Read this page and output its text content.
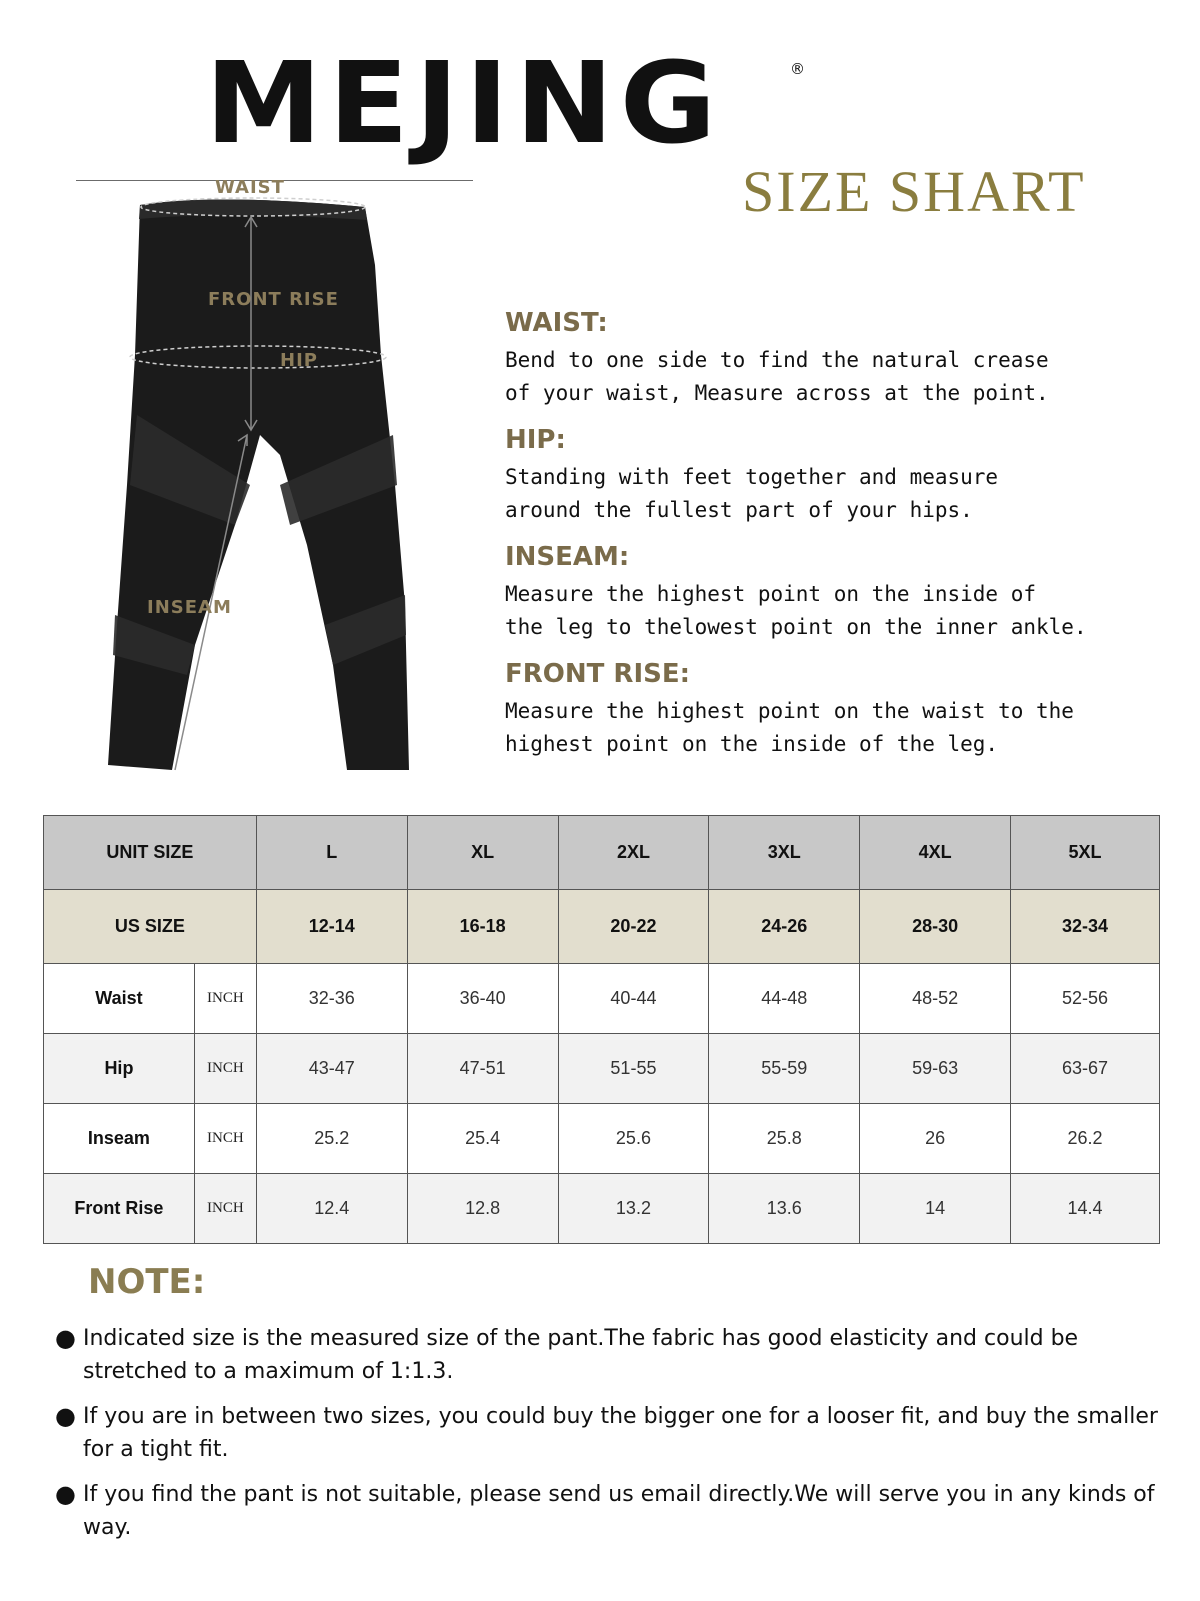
MEJING	®
SIZE SHART
WAIST
FRONT RISE
HIP
INSEAM
WAIST:

Bend to one side to find the natural crease
of your waist, Measure across at the point.

HIP:

Standing with feet together and measure
around the fullest part of your hips.

INSEAM:

Measure the highest point on the inside of
the leg to thelowest point on the inner ankle.

FRONT RISE:

Measure the highest point on the waist to the
highest point on the inside of the leg.

UNIT SIZE		L	XL	2XL	3XL	4XL	5XL
US SIZE		12-14	16-18	20-22	24-26	28-30	32-34
Waist	INCH	32-36	36-40	40-44	44-48	48-52	52-56
Hip	INCH	43-47	47-51	51-55	55-59	59-63	63-67
Inseam	INCH	25.2	25.4	25.6	25.8	26	26.2
Front Rise	INCH	12.4	12.8	13.2	13.6	14	14.4
NOTE:
● Indicated size is the measured size of the pant.The fabric has good elasticity and could be stretched to a maximum of 1:1.3.
● If you are in between two sizes, you could buy the bigger one for a looser fit, and buy the smaller for a tight fit.
● If you find the pant is not suitable, please send us email directly.We will serve you in any kinds of way.
